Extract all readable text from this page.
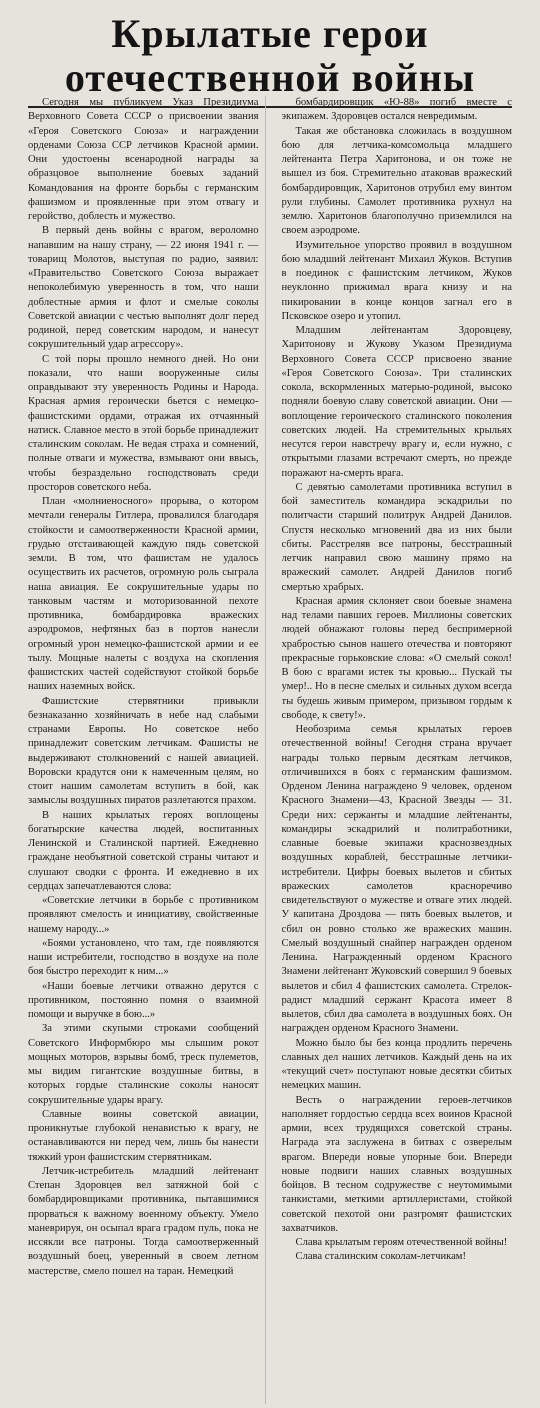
Крылатые герои
отечественной войны

Сегодня мы публикуем Указ Президиума Верховного Совета СССР о присвоении звания «Героя Советского Союза» и награждении орденами Союза ССР летчиков Красной армии. Они удостоены всенародной награды за образцовое выполнение боевых заданий Командования на фронте борьбы с германским фашизмом и проявленные при этом отвагу и геройство, доблесть и мужество.

В первый день войны с врагом, вероломно напавшим на нашу страну, — 22 июня 1941 г. — товарищ Молотов, выступая по радио, заявил: «Правительство Советского Союза выражает непоколебимую уверенность в том, что наши доблестные армия и флот и смелые соколы Советской авиации с честью выполнят долг перед родиной, перед советским народом, и нанесут сокрушительный удар агрессору».

С той поры прошло немного дней. Но они показали, что наши вооруженные силы оправдывают эту уверенность Родины и Народа. Красная армия героически бьется с немецко-фашистскими ордами, отражая их отчаянный натиск. Славное место в этой борьбе принадлежит сталинским соколам. Не ведая страха и сомнений, полные отваги и мужества, взмывают они ввысь, чтобы безраздельно господствовать среди просторов советского неба.

План «молниеносного» прорыва, о котором мечтали генералы Гитлера, провалился благодаря стойкости и самоотверженности Красной армии, грудью отстаивающей каждую пядь советской земли. В том, что фашистам не удалось осуществить их расчетов, огромную роль сыграла наша авиация. Ее сокрушительные удары по танковым частям и моторизованной пехоте противника, бомбардировка вражеских аэродромов, нефтяных баз в портов нанесли огромный урон немецко-фашистской армии и ее тылу. Мощные налеты с воздуха на скопления фашистских частей содействуют стойкой борьбе наших наземных войск.

Фашистские стервятники привыкли безнаказанно хозяйничать в небе над слабыми странами Европы. Но советское небо принадлежит советским летчикам. Фашисты не выдерживают столкновений с нашей авиацией. Воровски крадутся они к намеченным целям, но стоит нашим самолетам вступить в бой, как замыслы воздушных пиратов разлетаются прахом.

В наших крылатых героях воплощены богатырские качества людей, воспитанных Ленинской и Сталинской партией. Ежедневно граждане необъятной советской страны читают и слушают сводки с фронта. И ежедневно в их сердцах запечатлеваются слова:

«Советские летчики в борьбе с противником проявляют смелость и инициативу, свойственные нашему народу...»

«Боями установлено, что там, где появляются наши истребители, господство в воздухе на поле боя быстро переходит к ним...»

«Наши боевые летчики отважно дерутся с противником, постоянно помня о взаимной помощи и выручке в бою...»

За этими скупыми строками сообщений Советского Информбюро мы слышим рокот мощных моторов, взрывы бомб, треск пулеметов, мы видим гигантские воздушные битвы, в которых гордые сталинские соколы наносят сокрушительные удары врагу.

Славные воины советской авиации, проникнутые глубокой ненавистью к врагу, не останавливаются ни перед чем, лишь бы нанести тяжкий урон фашистским стервятникам.

Летчик-истребитель младший лейтенант Степан Здоровцев вел затяжной бой с бомбардировщиками противника, пытавшимися прорваться к важному военному объекту. Умело маневрируя, он осыпал врага градом пуль, пока не иссякли все патроны. Тогда самоотверженный воздушный боец, уверенный в своем летном мастерстве, смело пошел на таран. Немецкий

бомбардировщик «Ю-88» погиб вместе с экипажем. Здоровцев остался невредимым.

Такая же обстановка сложилась в воздушном бою для летчика-комсомольца младшего лейтенанта Петра Харитонова, и он тоже не вышел из боя. Стремительно атаковав вражеский бомбардировщик, Харитонов отрубил ему винтом рули глубины. Самолет противника рухнул на землю. Харитонов благополучно приземлился на своем аэродроме.

Изумительное упорство проявил в воздушном бою младший лейтенант Михаил Жуков. Вступив в поединок с фашистским летчиком, Жуков неуклонно прижимал врага книзу и на пикировании в конце концов загнал его в Псковское озеро и утопил.

Младшим лейтенантам Здоровцеву, Харитонову и Жукову Указом Президиума Верховного Совета СССР присвоено звание «Героя Советского Союза». Три сталинских сокола, вскормленных матерью-родиной, высоко подняли боевую славу советской авиации. Они — воплощение героического сталинского поколения советских людей. На стремительных крыльях несутся герои навстречу врагу и, если нужно, с открытыми глазами встречают смерть, но прежде поражают на-смерть врага.

С девятью самолетами противника вступил в бой заместитель командира эскадрильи по политчасти старший политрук Андрей Данилов. Спустя несколько мгновений два из них были сбиты. Расстреляв все патроны, бесстрашный летчик направил свою машину прямо на вражеский самолет. Андрей Данилов погиб смертью храбрых.

Красная армия склоняет свои боевые знамена над телами павших героев. Миллионы советских людей обнажают головы перед беспримерной храбростью сынов нашего отечества и повторяют прекрасные горьковские слова: «О смелый сокол! В бою с врагами истек ты кровью... Пускай ты умер!.. Но в песне смелых и сильных духом всегда ты будешь живым примером, призывом гордым к свободе, к свету!».

Необозрима семья крылатых героев отечественной войны! Сегодня страна вручает награды только первым десяткам летчиков, отличившихся в боях с германским фашизмом. Орденом Ленина награждено 9 человек, орденом Красного Знамени—43, Красной Звезды — 31. Среди них: сержанты и младшие лейтенанты, командиры эскадрилий и политработники, славные боевые экипажи краснозвездных воздушных кораблей, бесстрашные летчики-истребители. Цифры боевых вылетов и сбитых вражеских самолетов красноречиво свидетельствуют о мужестве и отваге этих людей. У капитана Дроздова — пять боевых вылетов, и сбил он ровно столько же вражеских машин. Смелый воздушный снайпер награжден орденом Ленина. Награжденный орденом Красного Знамени лейтенант Жуковский совершил 9 боевых вылетов и сбил 4 фашистских самолета. Стрелок-радист младший сержант Красота имеет 8 вылетов, сбил два самолета в воздушных боях. Он награжден орденом Красного Знамени.

Можно было бы без конца продлить перечень славных дел наших летчиков. Каждый день на их «текущий счет» поступают новые десятки сбитых немецких машин.

Весть о награждении героев-летчиков наполняет гордостью сердца всех воинов Красной армии, всех трудящихся советской страны. Награда эта заслужена в битвах с озверелым врагом. Впереди новые упорные бои. Впереди новые подвиги наших славных воздушных бойцов. В тесном содружестве с неутомимыми танкистами, меткими артиллеристами, стойкой советской пехотой они разгромят фашистских захватчиков.

Слава крылатым героям отечественной войны!

Слава сталинским соколам-летчикам!
